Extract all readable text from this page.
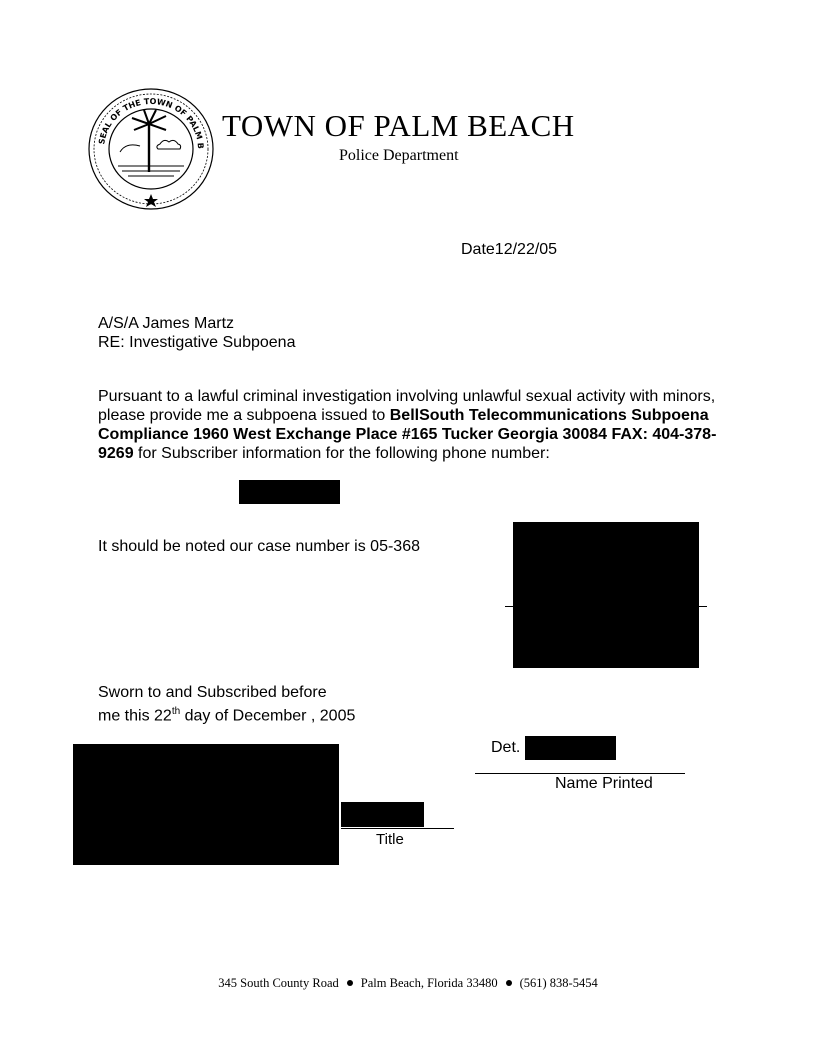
SEAL OF THE TOWN OF PALM B
TOWN OF PALM BEACH
Police Department
Date12/22/05
A/S/A James Martz
RE: Investigative Subpoena
Pursuant to a lawful criminal investigation involving unlawful sexual activity with minors, please provide me a subpoena issued to BellSouth Telecommunications Subpoena Compliance 1960 West Exchange Place #165 Tucker Georgia 30084 FAX: 404-378-9269 for Subscriber information for the following phone number:
It should be noted our case number is 05-368
Sworn to and Subscribed before
me this 22th day of December , 2005
Det.
Name Printed
Title
345 South County Road Palm Beach, Florida 33480 (561) 838-5454
